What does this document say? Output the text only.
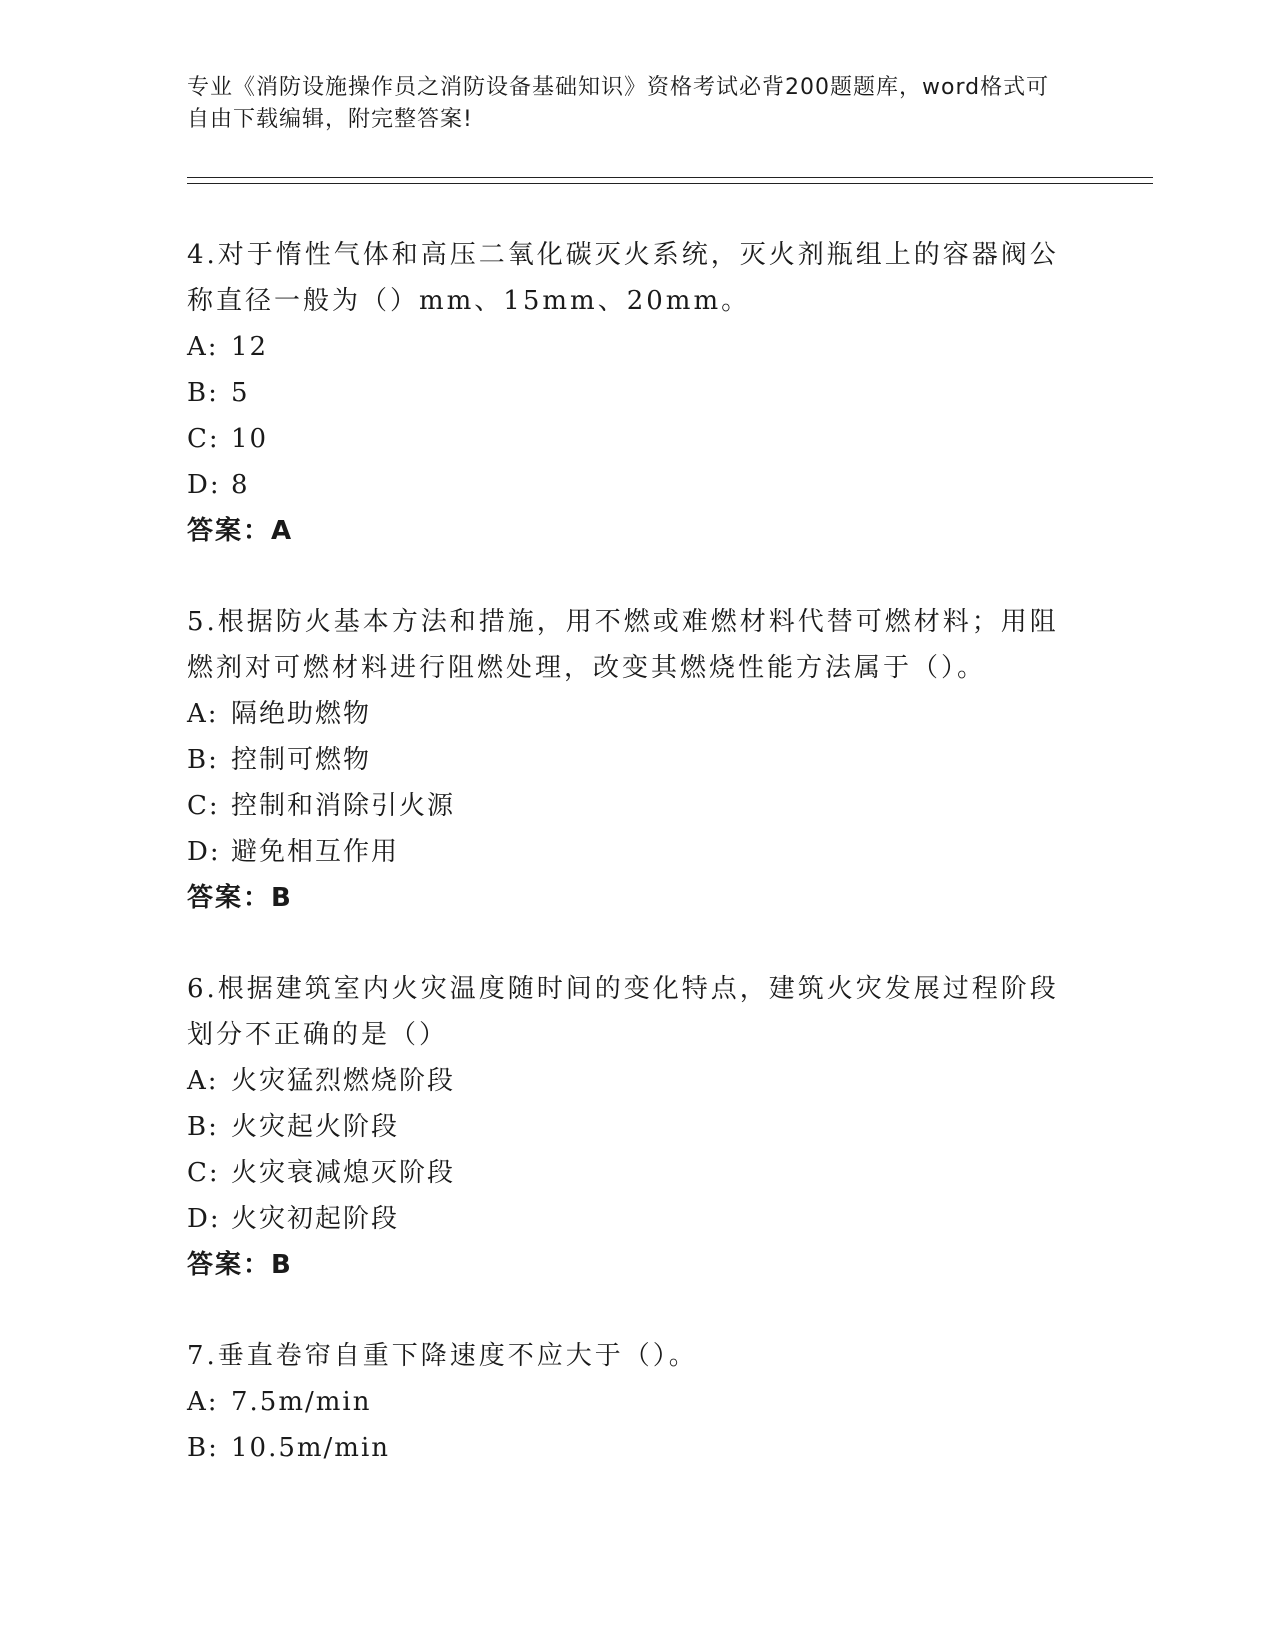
专业《消防设施操作员之消防设备基础知识》资格考试必背200题题库，word格式可自由下载编辑，附完整答案!
4.对于惰性气体和高压二氧化碳灭火系统，灭火剂瓶组上的容器阀公称直径一般为（）mm、15mm、20mm。
A: 12
B: 5
C: 10
D: 8
答案：A
5.根据防火基本方法和措施，用不燃或难燃材料代替可燃材料；用阻燃剂对可燃材料进行阻燃处理，改变其燃烧性能方法属于（）。
A: 隔绝助燃物
B: 控制可燃物
C: 控制和消除引火源
D: 避免相互作用
答案：B
6.根据建筑室内火灾温度随时间的变化特点，建筑火灾发展过程阶段划分不正确的是（）
A: 火灾猛烈燃烧阶段
B: 火灾起火阶段
C: 火灾衰减熄灭阶段
D: 火灾初起阶段
答案：B
7.垂直卷帘自重下降速度不应大于（）。
A: 7.5m/min
B: 10.5m/min
